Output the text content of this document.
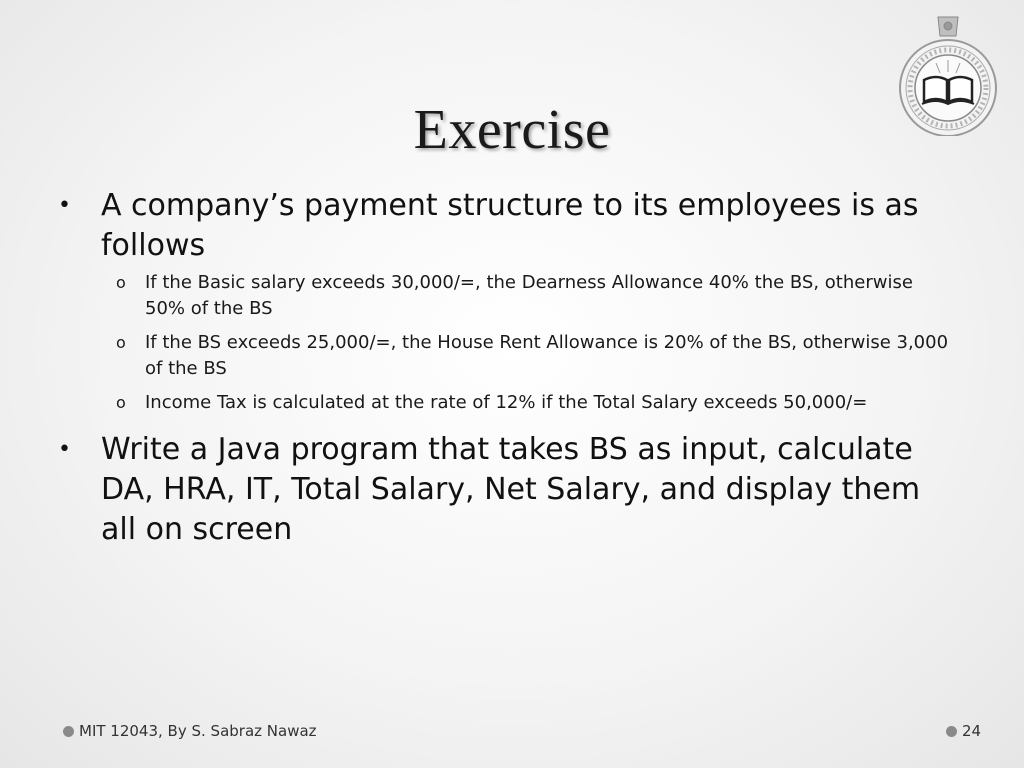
Exercise
• A company’s payment structure to its employees is as follows
o If the Basic salary exceeds 30,000/=, the Dearness Allowance 40% the BS, otherwise 50% of the BS
o If the BS exceeds 25,000/=, the House Rent Allowance is 20% of the BS, otherwise 3,000 of the BS
o Income Tax is calculated at the rate of 12% if the Total Salary exceeds 50,000/=
• Write a Java program that takes BS as input, calculate DA, HRA, IT, Total Salary, Net Salary, and display them all on screen
MIT 12043, By S. Sabraz Nawaz	24
